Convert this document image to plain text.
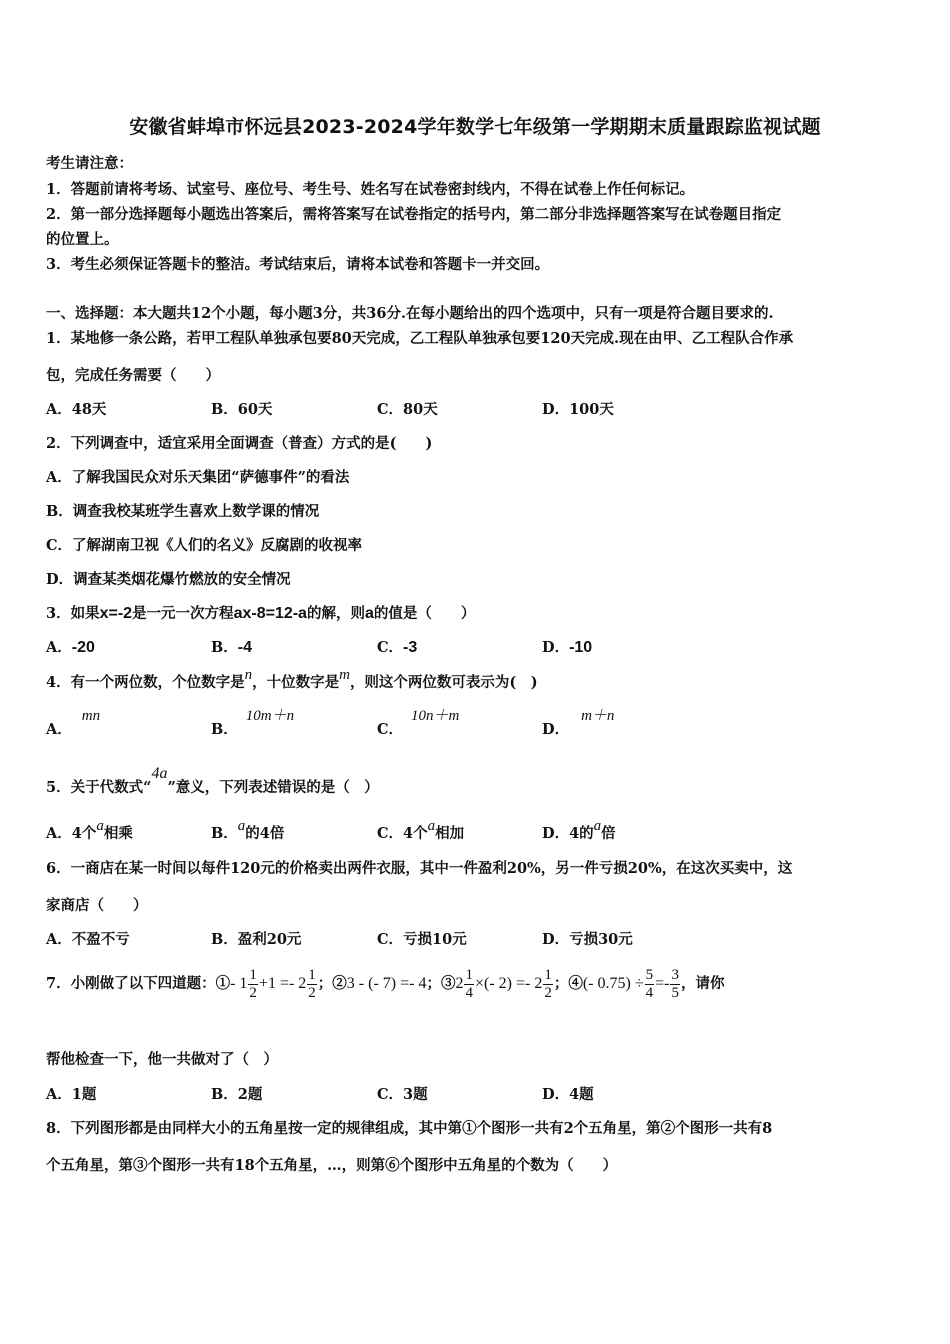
安徽省蚌埠市怀远县2023-2024学年数学七年级第一学期期末质量跟踪监视试题
考生请注意：
1．答题前请将考场、试室号、座位号、考生号、姓名写在试卷密封线内，不得在试卷上作任何标记。
2．第一部分选择题每小题选出答案后，需将答案写在试卷指定的括号内，第二部分非选择题答案写在试卷题目指定
的位置上。
3．考生必须保证答题卡的整洁。考试结束后，请将本试卷和答题卡一并交回。
一、选择题：本大题共12个小题，每小题3分，共36分.在每小题给出的四个选项中，只有一项是符合题目要求的.
1．某地修一条公路，若甲工程队单独承包要80天完成，乙工程队单独承包要120天完成.现在由甲、乙工程队合作承
包，完成任务需要（　　）
A．48天	B．60天	C．80天	D．100天
2．下列调查中，适宜采用全面调查（普查）方式的是(　　)
A．了解我国民众对乐天集团“萨德事件”的看法
B．调查我校某班学生喜欢上数学课的情况
C．了解湖南卫视《人们的名义》反腐剧的收视率
D．调查某类烟花爆竹燃放的安全情况
3．如果x=-2是一元一次方程ax-8=12-a的解，则a的值是（　　）
A．-20	B．-4	C．-3	D．-10
4．有一个两位数，个位数字是n，十位数字是m，则这个两位数可表示为(　)
A．mn
B．10m＋n
C．10n＋m
D．m＋n
5．关于代数式“4a”意义，下列表述错误的是（　）
A．4个a相乘	B．a的4倍	C．4个a相加	D．4的a倍
6．一商店在某一时间以每件120元的价格卖出两件衣服，其中一件盈利20%，另一件亏损20%，在这次买卖中，这
家商店（　　）
A．不盈不亏	B．盈利20元	C．亏损10元	D．亏损30元
7．小刚做了以下四道题：①- $1 \frac{1}{2} +1 =- 2 \frac{1}{2}$ ；②3 - (- 7) =- 4；③2 $\frac{1}{4}$ ×(- $2) =- 2 \frac{1}{2}$ ；④(- $0.75) \div \frac{5}{4} =- \frac{3}{5}$ ，请你
帮他检查一下，他一共做对了（　）
A．1题	B．2题	C．3题	D．4题
8．下列图形都是由同样大小的五角星按一定的规律组成，其中第①个图形一共有2个五角星，第②个图形一共有8
个五角星，第③个图形一共有18个五角星，…，则第⑥个图形中五角星的个数为（　　）
